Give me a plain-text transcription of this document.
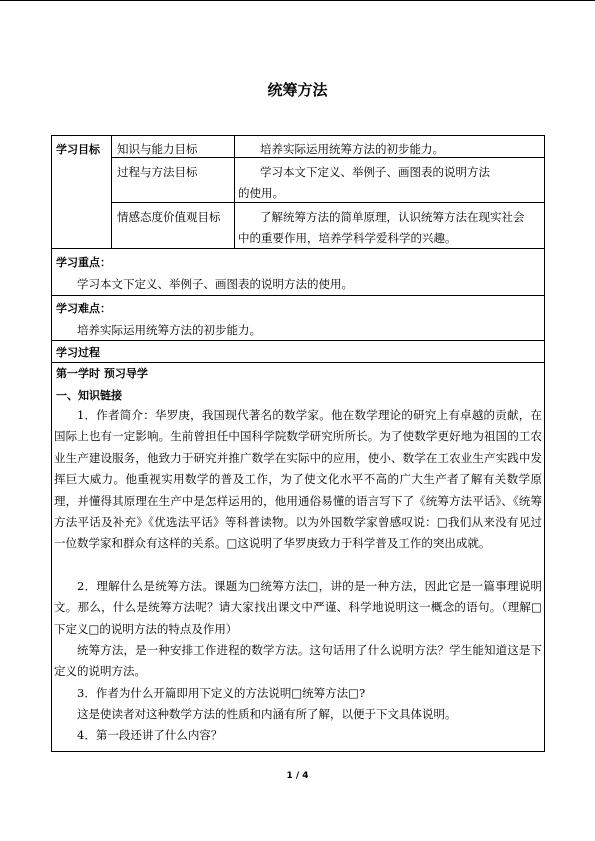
统筹方法
学习目标 知识与能力目标	培养实际运用统筹方法的初步能力。
过程与方法目标	学习本文下定义、举例子、画图表的说明方法
的使用。
情感态度价值观目标	了解统筹方法的简单原理，认识统筹方法在现实社会
中的重要作用，培养学科学爱科学的兴趣。
学习重点：
学习本文下定义、举例子、画图表的说明方法的使用。
学习难点：
培养实际运用统筹方法的初步能力。
学习过程
第一学时 预习导学
一、知识链接
1．作者简介：华罗庚，我国现代著名的数学家。他在数学理论的研究上有卓越的贡献，在国际上也有一定影响。生前曾担任中国科学院数学研究所所长。为了使数学更好地为祖国的工农业生产建设服务，他致力于研究并推广数学在实际中的应用，使小、数学在工农业生产实践中发挥巨大威力。他重视实用数学的普及工作，为了使文化水平不高的广大生产者了解有关数学原理，并懂得其原理在生产中是怎样运用的，他用通俗易懂的语言写下了《统筹方法平话》、《统筹方法平话及补充》《优选法平话》等科普读物。以为外国数学家曾感叹说：□我们从来没有见过一位数学家和群众有这样的关系。□这说明了华罗庚致力于科学普及工作的突出成就。
2．理解什么是统筹方法。课题为□统筹方法□，讲的是一种方法，因此它是一篇事理说明文。那么，什么是统筹方法呢？请大家找出课文中严谨、科学地说明这一概念的语句。（理解□下定义□的说明方法的特点及作用）
统筹方法，是一种安排工作进程的数学方法。这句话用了什么说明方法？学生能知道这是下定义的说明方法。
3．作者为什么开篇即用下定义的方法说明□统筹方法□?
这是使读者对这种数学方法的性质和内涵有所了解，以便于下文具体说明。
4．第一段还讲了什么内容？
1 / 4
